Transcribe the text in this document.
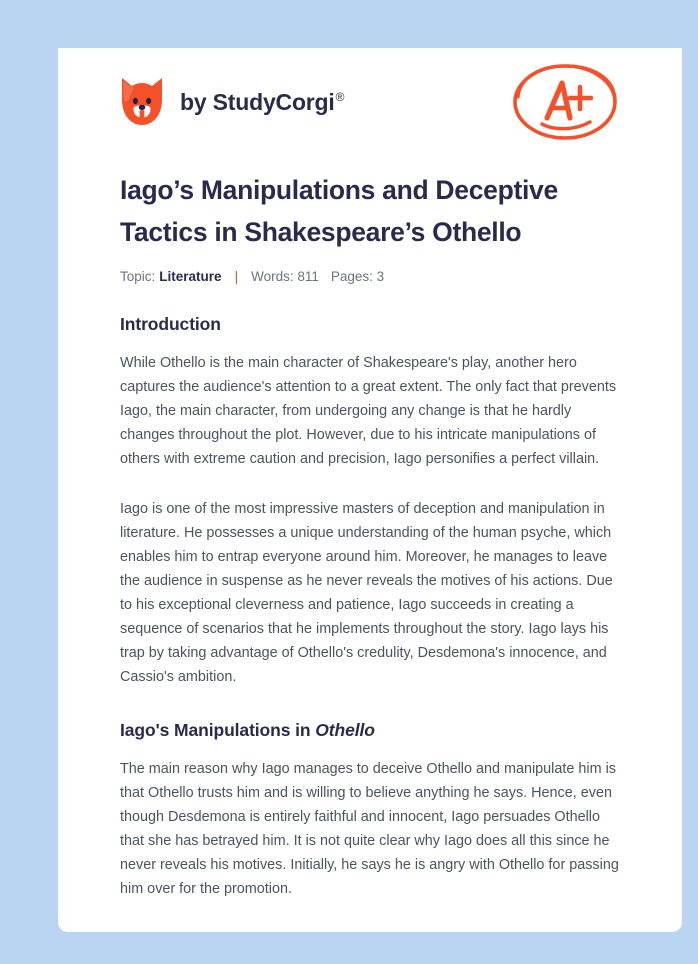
by StudyCorgi®
Iago’s Manipulations and Deceptive Tactics in Shakespeare’s Othello
Topic: Literature | Words: 811 Pages: 3
Introduction

While Othello is the main character of Shakespeare's play, another hero captures the audience's attention to a great extent. The only fact that prevents Iago, the main character, from undergoing any change is that he hardly changes throughout the plot. However, due to his intricate manipulations of others with extreme caution and precision, Iago personifies a perfect villain.

Iago is one of the most impressive masters of deception and manipulation in literature. He possesses a unique understanding of the human psyche, which enables him to entrap everyone around him. Moreover, he manages to leave the audience in suspense as he never reveals the motives of his actions. Due to his exceptional cleverness and patience, Iago succeeds in creating a sequence of scenarios that he implements throughout the story. Iago lays his trap by taking advantage of Othello's credulity, Desdemona's innocence, and Cassio's ambition.

Iago's Manipulations in Othello

The main reason why Iago manages to deceive Othello and manipulate him is that Othello trusts him and is willing to believe anything he says. Hence, even though Desdemona is entirely faithful and innocent, Iago persuades Othello that she has betrayed him. It is not quite clear why Iago does all this since he never reveals his motives. Initially, he says he is angry with Othello for passing him over for the promotion.
